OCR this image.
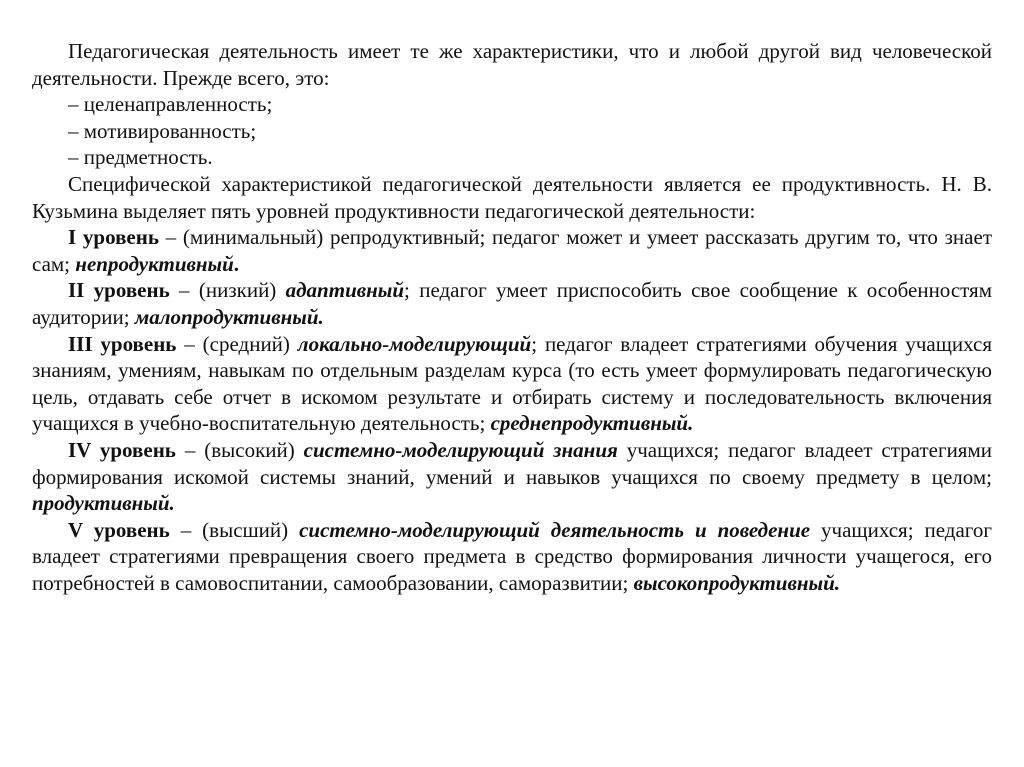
Педагогическая деятельность имеет те же характеристики, что и любой другой вид человеческой деятельности. Прежде всего, это:

– целенаправленность;

– мотивированность;

– предметность.

Специфической характеристикой педагогической деятельности является ее продуктивность. Н. В. Кузьмина выделяет пять уровней продуктивности педагогической деятельности:

I уровень – (минимальный) репродуктивный; педагог может и умеет рассказать другим то, что знает сам; непродуктивный.

II уровень – (низкий) адаптивный; педагог умеет приспособить свое сообщение к особенностям аудитории; малопродуктивный.

III уровень – (средний) локально-моделирующий; педагог владеет стратегиями обучения учащихся знаниям, умениям, навыкам по отдельным разделам курса (то есть умеет формулировать педагогическую цель, отдавать себе отчет в искомом результате и отбирать систему и последовательность включения учащихся в учебно-воспитательную деятельность; среднепродуктивный.

IV уровень – (высокий) системно-моделирующий знания учащихся; педагог владеет стратегиями формирования искомой системы знаний, умений и навыков учащихся по своему предмету в целом; продуктивный.

V уровень – (высший) системно-моделирующий деятельность и поведение учащихся; педагог владеет стратегиями превращения своего предмета в средство формирования личности учащегося, его потребностей в самовоспитании, самообразовании, саморазвитии; высокопродуктивный.
